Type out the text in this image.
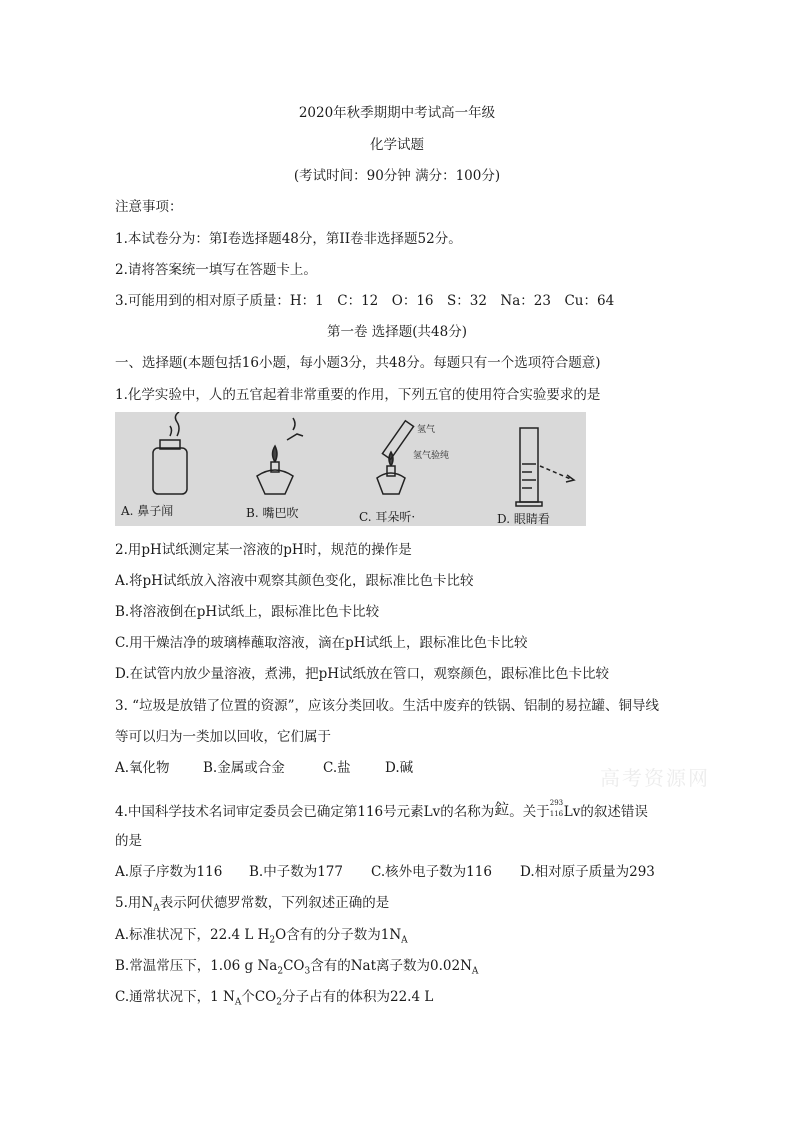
2020年秋季期期中考试高一年级
化学试题
(考试时间：90分钟 满分：100分)
注意事项：
1.本试卷分为：第I卷选择题48分，第II卷非选择题52分。
2.请将答案统一填写在答题卡上。
3.可能用到的相对原子质量：H：1　C：12　O：16　S：32　Na：23　Cu：64
第一卷 选择题(共48分)
一、选择题(本题包括16小题，每小题3分，共48分。每题只有一个选项符合题意)
1.化学实验中，人的五官起着非常重要的作用，下列五官的使用符合实验要求的是
氢气
氢气验纯
A. 鼻子闻	B. 嘴巴吹	C. 耳朵听·	D. 眼睛看
2.用pH试纸测定某一溶液的pH时，规范的操作是
A.将pH试纸放入溶液中观察其颜色变化，跟标准比色卡比较
B.将溶液倒在pH试纸上，跟标准比色卡比较
C.用干燥洁净的玻璃棒蘸取溶液，滴在pH试纸上，跟标准比色卡比较
D.在试管内放少量溶液，煮沸，把pH试纸放在管口，观察颜色，跟标准比色卡比较
3. “垃圾是放错了位置的资源”，应该分类回收。生活中废弃的铁锅、铝制的易拉罐、铜导线
等可以归为一类加以回收，它们属于
A.氧化物 B.金属或合金	C.盐	D.碱	高考资源网
4.中国科学技术名词审定委员会已确定第116号元素Lv的名称为鉝。关于
293
116 Lv的叙述错误
的是
A.原子序数为116 B.中子数为177 C.核外电子数为116 D.相对原子质量为293
5.用$N_A$表示阿伏德罗常数，下列叙述正确的是
A.标准状况下，22.4 L $H_2O$含有的分子数为$1N_A$
B.常温常压下，1.06 g $Na_2CO_3$含有的Nat离子数为$0.02N_A$
C.通常状况下，1 $N_A$个$CO_2$分子占有的体积为22.4 L
